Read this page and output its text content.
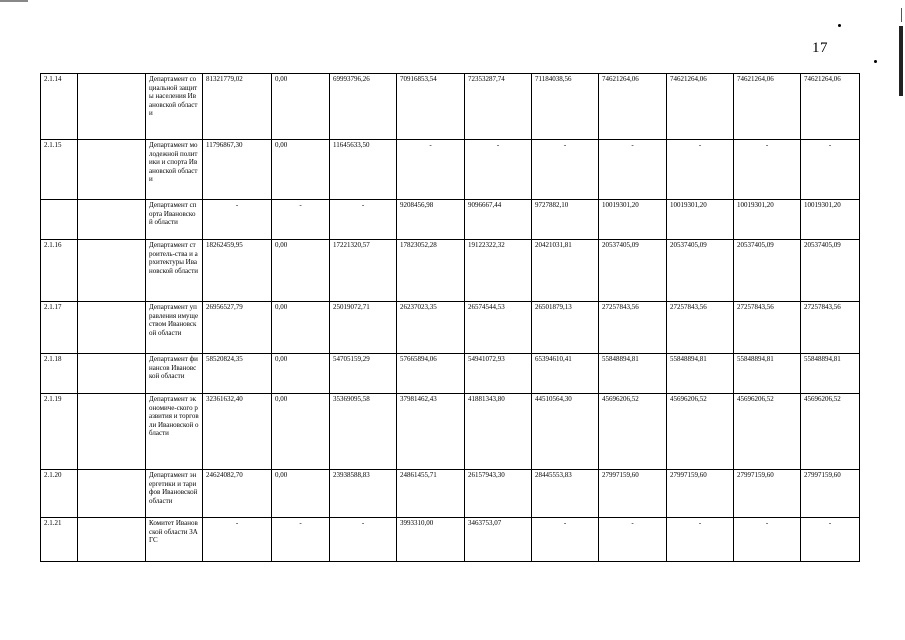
17
2.1.14		Департамент социальной защиты населения Ивановской области	81321779,02	0,00	69993796,26	70916853,54	72353287,74	71184038,56	74621264,06	74621264,06	74621264,06	74621264,06
2.1.15		Департамент молодежной политики и спорта Ивановской области	11796867,30	0,00	11645633,50	-	-	-	-	-	-	-
		Департамент спорта Ивановской области	-	-	-	9208456,98	9096667,44	9727882,10	10019301,20	10019301,20	10019301,20	10019301,20
2.1.16		Департамент строитель-ства и архитектуры Ивановской области	18262459,95	0,00	17221320,57	17823052,28	19122322,32	20421031,81	20537405,09	20537405,09	20537405,09	20537405,09
2.1.17		Департамент управления имуществом Ивановской области	26956527,79	0,00	25019072,71	26237023,35	26574544,53	26501879,13	27257843,56	27257843,56	27257843,56	27257843,56
2.1.18		Департамент финансов Ивановской области	58520824,35	0,00	54705159,29	57665894,06	54941072,93	65394610,41	55848894,81	55848894,81	55848894,81	55848894,81
2.1.19		Департамент экономиче-ского развития и торговли Ивановской области	32361632,40	0,00	35369095,58	37981462,43	41881343,80	44510564,30	45696206,52	45696206,52	45696206,52	45696206,52
2.1.20		Департамент энергетики и тарифов Ивановской области	24624082,70	0,00	23938588,83	24861455,71	26157943,30	28445553,83	27997159,60	27997159,60	27997159,60	27997159,60
2.1.21		Комитет Ивановской области ЗАГС	-	-	-	3993310,00	3463753,07	-	-	-	-	-
